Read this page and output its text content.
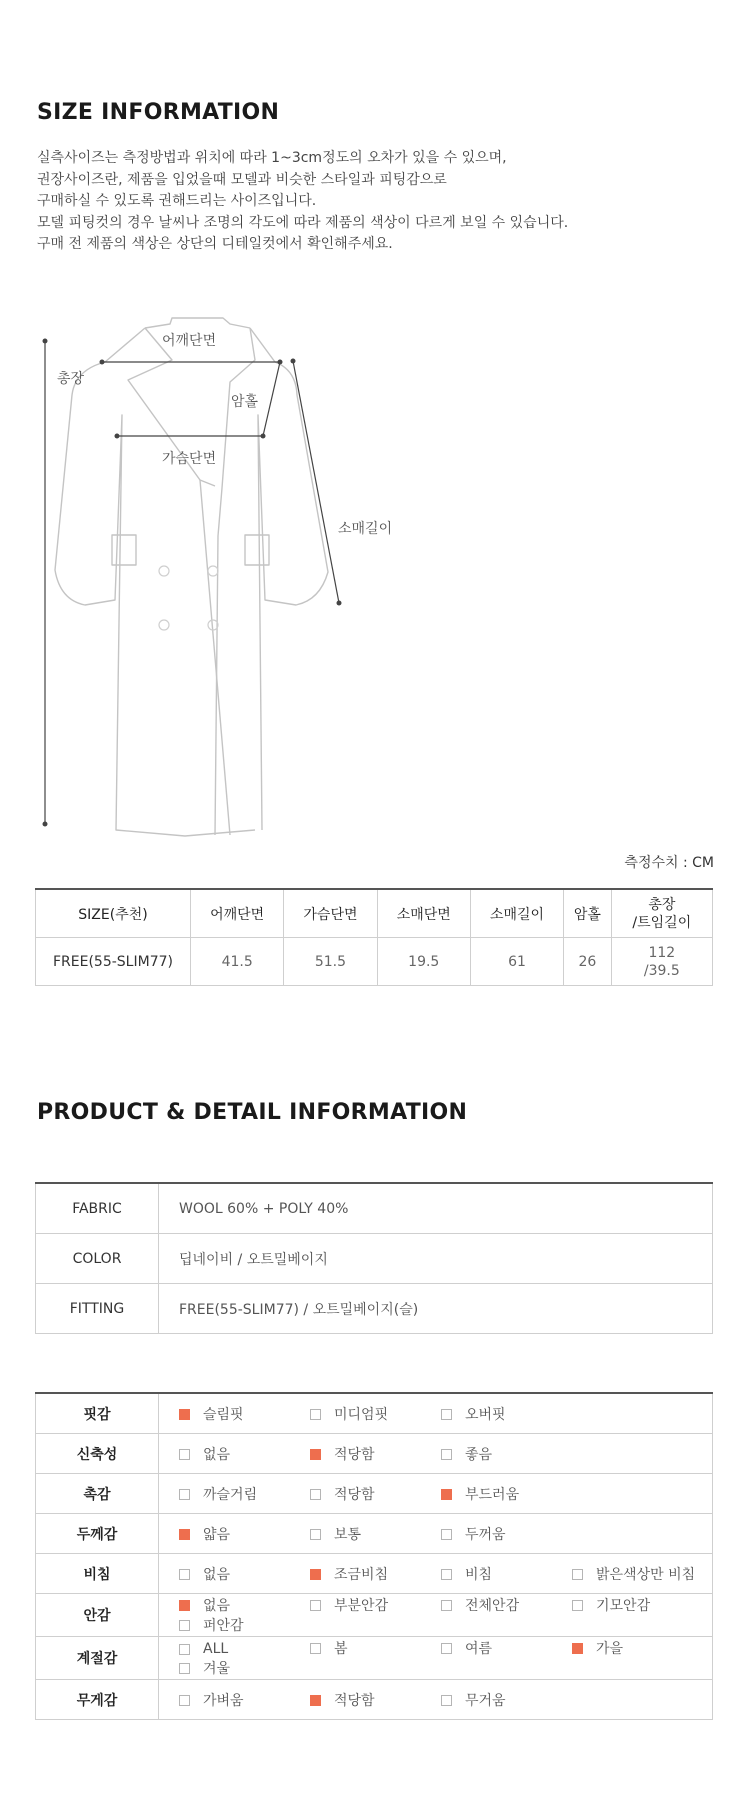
SIZE INFORMATION
실측사이즈는 측정방법과 위치에 따라 1~3cm정도의 오차가 있을 수 있으며,
권장사이즈란, 제품을 입었을때 모델과 비슷한 스타일과 피팅감으로
구매하실 수 있도록 권해드리는 사이즈입니다.
모델 피팅컷의 경우 날씨나 조명의 각도에 따라 제품의 색상이 다르게 보일 수 있습니다.
구매 전 제품의 색상은 상단의 디테일컷에서 확인해주세요.
어깨단면
총장
암홀
가슴단면
소매길이
측정수치 : CM
SIZE(추천)	어깨단면	가슴단면	소매단면	소매길이	암홀	총장
/트임길이

FREE(55-SLIM77)	41.5	51.5	19.5	61	26	112
/39.5
PRODUCT & DETAIL INFORMATION
FABRIC	WOOL 60% + POLY 40%
COLOR	딥네이비 / 오트밀베이지
FITTING	FREE(55-SLIM77) / 오트밀베이지(슬)
핏감	슬림핏 미디엄핏 오버핏
신축성	없음 적당함 좋음
촉감	까슬거림 적당함 부드러움
두께감	얇음 보통 두꺼움
비침	없음 조금비침 비침 밝은색상만 비침
안감	없음 부분안감 전체안감 기모안감
퍼안감
계절감	ALL 봄 여름 가을
겨울
무게감	가벼움 적당함 무거움
